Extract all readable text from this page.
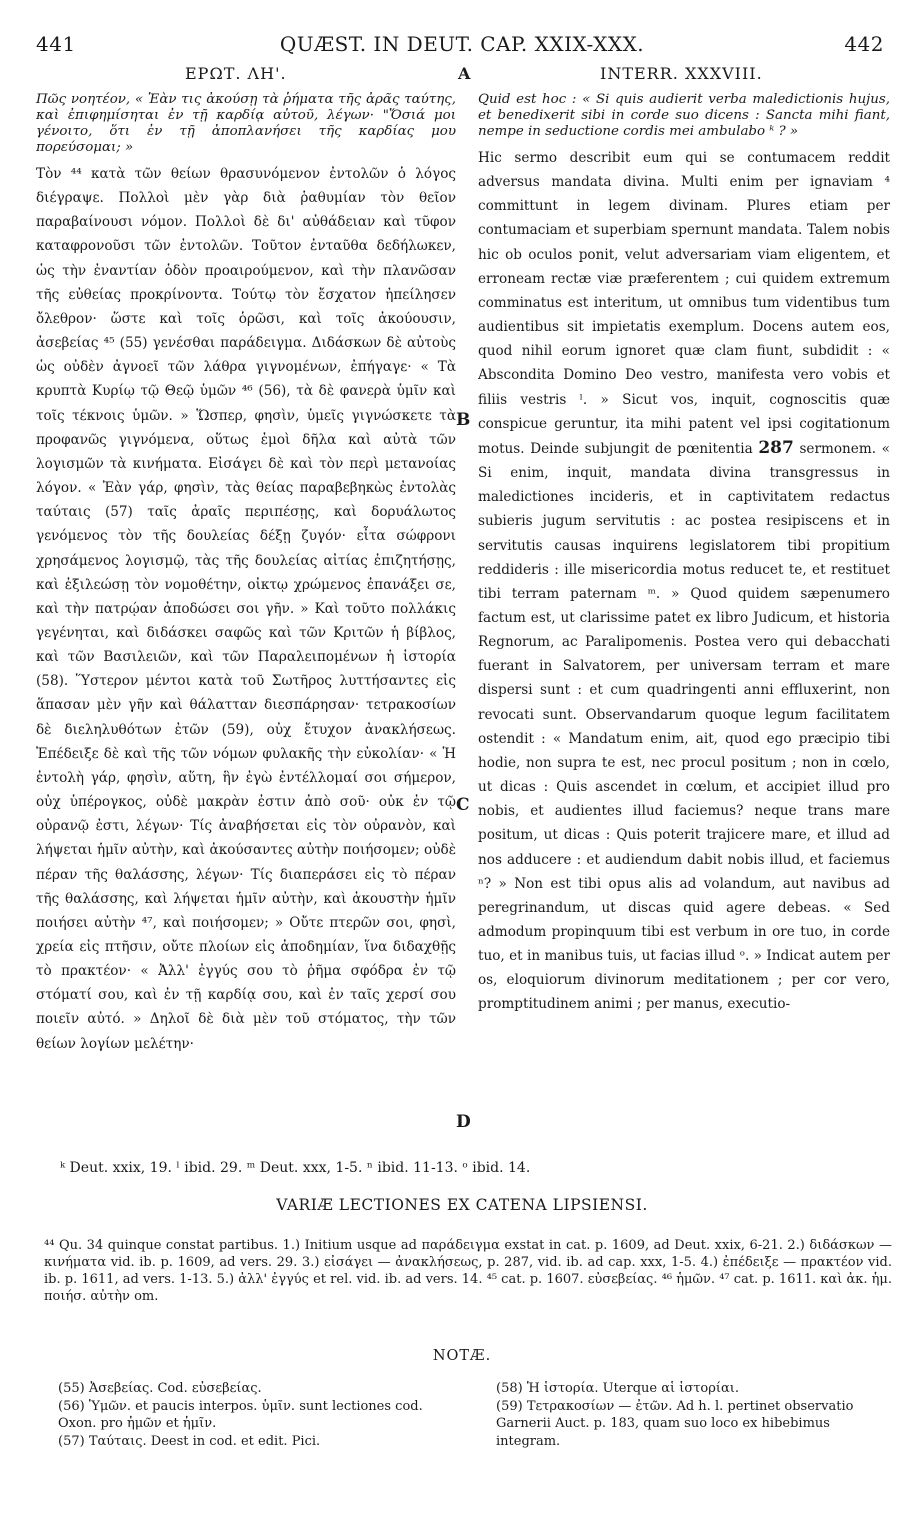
441	QUÆST. IN DEUT. CAP. XXIX-XXX.	442
ΕΡΩΤ. ΛΗ'.	A	INTERR. XXXVIII.

Πῶς νοητέον, « Ἐὰν τις ἀκούσῃ τὰ ῥήματα τῆς ἀρᾶς ταύτης, καὶ ἐπιφημίσηται ἐν τῇ καρδίᾳ αὐτοῦ, λέγων· "Ὅσιά μοι γένοιτο, ὅτι ἐν τῇ ἀποπλανήσει τῆς καρδίας μου πορεύσομαι; »

Τὸν ⁴⁴ κατὰ τῶν θείων θρασυνόμενον ἐντολῶν ὁ λόγος διέγραψε. Πολλοὶ μὲν γὰρ διὰ ῥαθυμίαν τὸν θεῖον παραβαίνουσι νόμον. Πολλοὶ δὲ δι' αὐθάδειαν καὶ τῦφον καταφρονοῦσι τῶν ἐντολῶν. Τοῦτον ἐνταῦθα δεδήλωκεν, ὡς τὴν ἐναντίαν ὁδὸν προαιρούμενον, καὶ τὴν πλανῶσαν τῆς εὐθείας προκρίνοντα. Τούτῳ τὸν ἔσχατον ἠπείλησεν ὄλεθρον· ὥστε καὶ τοῖς ὁρῶσι, καὶ τοῖς ἀκούουσιν, ἀσεβείας ⁴⁵ (55) γενέσθαι παράδειγμα. Διδάσκων δὲ αὐτοὺς ὡς οὐδὲν ἀγνοεῖ τῶν λάθρα γιγνομένων, ἐπήγαγε· « Τὰ κρυπτὰ Κυρίῳ τῷ Θεῷ ὑμῶν ⁴⁶ (56), τὰ δὲ φανερὰ ὑμῖν καὶ τοῖς τέκνοις ὑμῶν. » Ὥσπερ, φησὶν, ὑμεῖς γιγνώσκετε τὰ προφανῶς γιγνόμενα, οὕτως ἐμοὶ δῆλα καὶ αὐτὰ τῶν λογισμῶν τὰ κινήματα. Εἰσάγει δὲ καὶ τὸν περὶ μετανοίας λόγον. « Ἐὰν γάρ, φησὶν, τὰς θείας παραβεβηκὼς ἐντολὰς ταύταις (57) ταῖς ἀραῖς περιπέσῃς, καὶ δορυάλωτος γενόμενος τὸν τῆς δουλείας δέξῃ ζυγόν· εἶτα σώφρονι χρησάμενος λογισμῷ, τὰς τῆς δουλείας αἰτίας ἐπιζητήσῃς, καὶ ἐξιλεώσῃ τὸν νομοθέτην, οἰκτῳ χρώμενος ἐπανάξει σε, καὶ τὴν πατρῴαν ἀποδώσει σοι γῆν. » Καὶ τοῦτο πολλάκις γεγένηται, καὶ διδάσκει σαφῶς καὶ τῶν Κριτῶν ἡ βίβλος, καὶ τῶν Βασιλειῶν, καὶ τῶν Παραλειπομένων ἡ ἱστορία (58). Ὕστερον μέντοι κατὰ τοῦ Σωτῆρος λυττήσαντες εἰς ἅπασαν μὲν γῆν καὶ θάλατταν διεσπάρησαν· τετρακοσίων δὲ διεληλυθότων ἐτῶν (59), οὐχ ἔτυχον ἀνακλήσεως. Ἐπέδειξε δὲ καὶ τῆς τῶν νόμων φυλακῆς τὴν εὐκολίαν· « Ἡ ἐντολὴ γάρ, φησὶν, αὕτη, ἣν ἐγὼ ἐντέλλομαί σοι σήμερον, οὐχ ὑπέρογκος, οὐδὲ μακρὰν ἐστιν ἀπὸ σοῦ· οὐκ ἐν τῷ οὐρανῷ ἐστι, λέγων· Τίς ἀναβήσεται εἰς τὸν οὐρανὸν, καὶ λήψεται ἡμῖν αὐτὴν, καὶ ἀκούσαντες αὐτὴν ποιήσομεν; οὐδὲ πέραν τῆς θαλάσσης, λέγων· Τίς διαπεράσει εἰς τὸ πέραν τῆς θαλάσσης, καὶ λήψεται ἡμῖν αὐτὴν, καὶ ἀκουστὴν ἡμῖν ποιήσει αὐτὴν ⁴⁷, καὶ ποιήσομεν; » Οὔτε πτερῶν σοι, φησὶ, χρεία εἰς πτῆσιν, οὔτε πλοίων εἰς ἀποδημίαν, ἵνα διδαχθῇς τὸ πρακτέον· « Ἀλλ' ἐγγύς σου τὸ ῥῆμα σφόδρα ἐν τῷ στόματί σου, καὶ ἐν τῇ καρδίᾳ σου, καὶ ἐν ταῖς χερσί σου ποιεῖν αὐτό. » Δηλοῖ δὲ διὰ μὲν τοῦ στόματος, τὴν τῶν θείων λογίων μελέτην·

B
C
D

Quid est hoc : « Si quis audierit verba maledictionis hujus, et benedixerit sibi in corde suo dicens : Sancta mihi fiant, nempe in seductione cordis mei ambulabo ᵏ ? »

Hic sermo describit eum qui se contumacem reddit adversus mandata divina. Multi enim per ignaviam ⁴ committunt in legem divinam. Plures etiam per contumaciam et superbiam spernunt mandata. Talem nobis hic ob oculos ponit, velut adversariam viam eligentem, et erroneam rectæ viæ præferentem ; cui quidem extremum comminatus est interitum, ut omnibus tum videntibus tum audientibus sit impietatis exemplum. Docens autem eos, quod nihil eorum ignoret quæ clam fiunt, subdidit : « Abscondita Domino Deo vestro, manifesta vero vobis et filiis vestris ˡ. » Sicut vos, inquit, cognoscitis quæ conspicue geruntur, ita mihi patent vel ipsi cogitationum motus. Deinde subjungit de pœnitentia 287 sermonem. « Si enim, inquit, mandata divina transgressus in maledictiones incideris, et in captivitatem redactus subieris jugum servitutis : ac postea resipiscens et in servitutis causas inquirens legislatorem tibi propitium reddideris : ille misericordia motus reducet te, et restituet tibi terram paternam ᵐ. » Quod quidem sæpenumero factum est, ut clarissime patet ex libro Judicum, et historia Regnorum, ac Paralipomenis. Postea vero qui debacchati fuerant in Salvatorem, per universam terram et mare dispersi sunt : et cum quadringenti anni effluxerint, non revocati sunt. Observandarum quoque legum facilitatem ostendit : « Mandatum enim, ait, quod ego præcipio tibi hodie, non supra te est, nec procul positum ; non in cœlo, ut dicas : Quis ascendet in cœlum, et accipiet illud pro nobis, et audientes illud faciemus? neque trans mare positum, ut dicas : Quis poterit trajicere mare, et illud ad nos adducere : et audiendum dabit nobis illud, et faciemus ⁿ? » Non est tibi opus alis ad volandum, aut navibus ad peregrinandum, ut discas quid agere debeas. « Sed admodum propinquum tibi est verbum in ore tuo, in corde tuo, et in manibus tuis, ut facias illud ᵒ. » Indicat autem per os, eloquiorum divinorum meditationem ; per cor vero, promptitudinem animi ; per manus, executio-

ᵏ Deut. xxix, 19. ˡ ibid. 29. ᵐ Deut. xxx, 1-5. ⁿ ibid. 11-13. ᵒ ibid. 14.
VARIÆ LECTIONES EX CATENA LIPSIENSI.

⁴⁴ Qu. 34 quinque constat partibus. 1.) Initium usque ad παράδειγμα exstat in cat. p. 1609, ad Deut. xxix, 6-21. 2.) διδάσκων — κινήματα vid. ib. p. 1609, ad vers. 29. 3.) εἰσάγει — ἀνακλήσεως, p. 287, vid. ib. ad cap. xxx, 1-5. 4.) ἐπέδειξε — πρακτέον vid. ib. p. 1611, ad vers. 1-13. 5.) ἀλλ' ἐγγύς et rel. vid. ib. ad vers. 14. ⁴⁵ cat. p. 1607. εὐσεβείας. ⁴⁶ ἡμῶν. ⁴⁷ cat. p. 1611. καὶ ἀκ. ἡμ. ποιήσ. αὐτὴν om.

NOTÆ.

(55) Ἀσεβείας. Cod. εὐσεβείας.

(56) Ὑμῶν. et paucis interpos. ὑμῖν. sunt lectiones cod. Oxon. pro ἡμῶν et ἡμῖν.

(57) Ταύταις. Deest in cod. et edit. Pici.

(58) Ἡ ἱστορία. Uterque αἱ ἱστορίαι.

(59) Τετρακοσίων — ἐτῶν. Ad h. l. pertinet observatio Garnerii Auct. p. 183, quam suo loco ex hibebimus integram.
